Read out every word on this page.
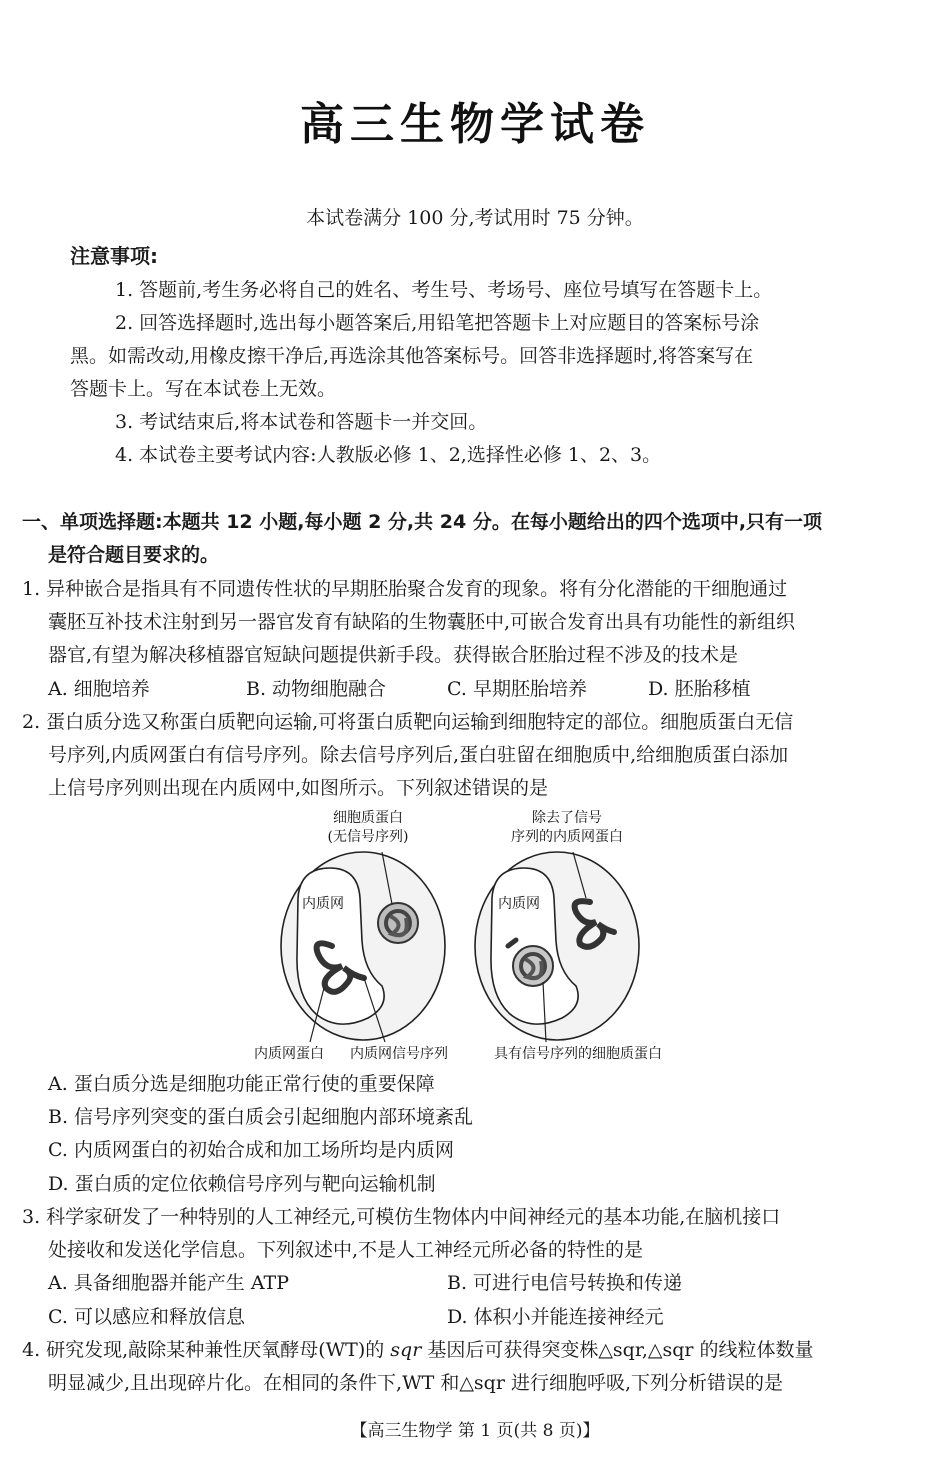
高三生物学试卷
本试卷满分 100 分,考试用时 75 分钟。
注意事项:
1. 答题前,考生务必将自己的姓名、考生号、考场号、座位号填写在答题卡上。
2. 回答选择题时,选出每小题答案后,用铅笔把答题卡上对应题目的答案标号涂
黑。如需改动,用橡皮擦干净后,再选涂其他答案标号。回答非选择题时,将答案写在
答题卡上。写在本试卷上无效。
3. 考试结束后,将本试卷和答题卡一并交回。
4. 本试卷主要考试内容:人教版必修 1、2,选择性必修 1、2、3。
一、单项选择题:本题共 12 小题,每小题 2 分,共 24 分。在每小题给出的四个选项中,只有一项
是符合题目要求的。
1. 异种嵌合是指具有不同遗传性状的早期胚胎聚合发育的现象。将有分化潜能的干细胞通过
囊胚互补技术注射到另一器官发育有缺陷的生物囊胚中,可嵌合发育出具有功能性的新组织
器官,有望为解决移植器官短缺问题提供新手段。获得嵌合胚胎过程不涉及的技术是
A. 细胞培养	B. 动物细胞融合	C. 早期胚胎培养	D. 胚胎移植
2. 蛋白质分选又称蛋白质靶向运输,可将蛋白质靶向运输到细胞特定的部位。细胞质蛋白无信
号序列,内质网蛋白有信号序列。除去信号序列后,蛋白驻留在细胞质中,给细胞质蛋白添加
上信号序列则出现在内质网中,如图所示。下列叙述错误的是
细胞质蛋白
(无信号序列)
除去了信号
序列的内质网蛋白
内质网	内质网
内质网蛋白 内质网信号序列	具有信号序列的细胞质蛋白
A. 蛋白质分选是细胞功能正常行使的重要保障
B. 信号序列突变的蛋白质会引起细胞内部环境紊乱
C. 内质网蛋白的初始合成和加工场所均是内质网
D. 蛋白质的定位依赖信号序列与靶向运输机制
3. 科学家研发了一种特别的人工神经元,可模仿生物体内中间神经元的基本功能,在脑机接口
处接收和发送化学信息。下列叙述中,不是人工神经元所必备的特性的是
A. 具备细胞器并能产生 ATP	B. 可进行电信号转换和传递
C. 可以感应和释放信息	D. 体积小并能连接神经元
4. 研究发现,敲除某种兼性厌氧酵母(WT)的 sqr 基因后可获得突变株△sqr,△sqr 的线粒体数量
明显减少,且出现碎片化。在相同的条件下,WT 和△sqr 进行细胞呼吸,下列分析错误的是
【高三生物学 第 1 页(共 8 页)】
